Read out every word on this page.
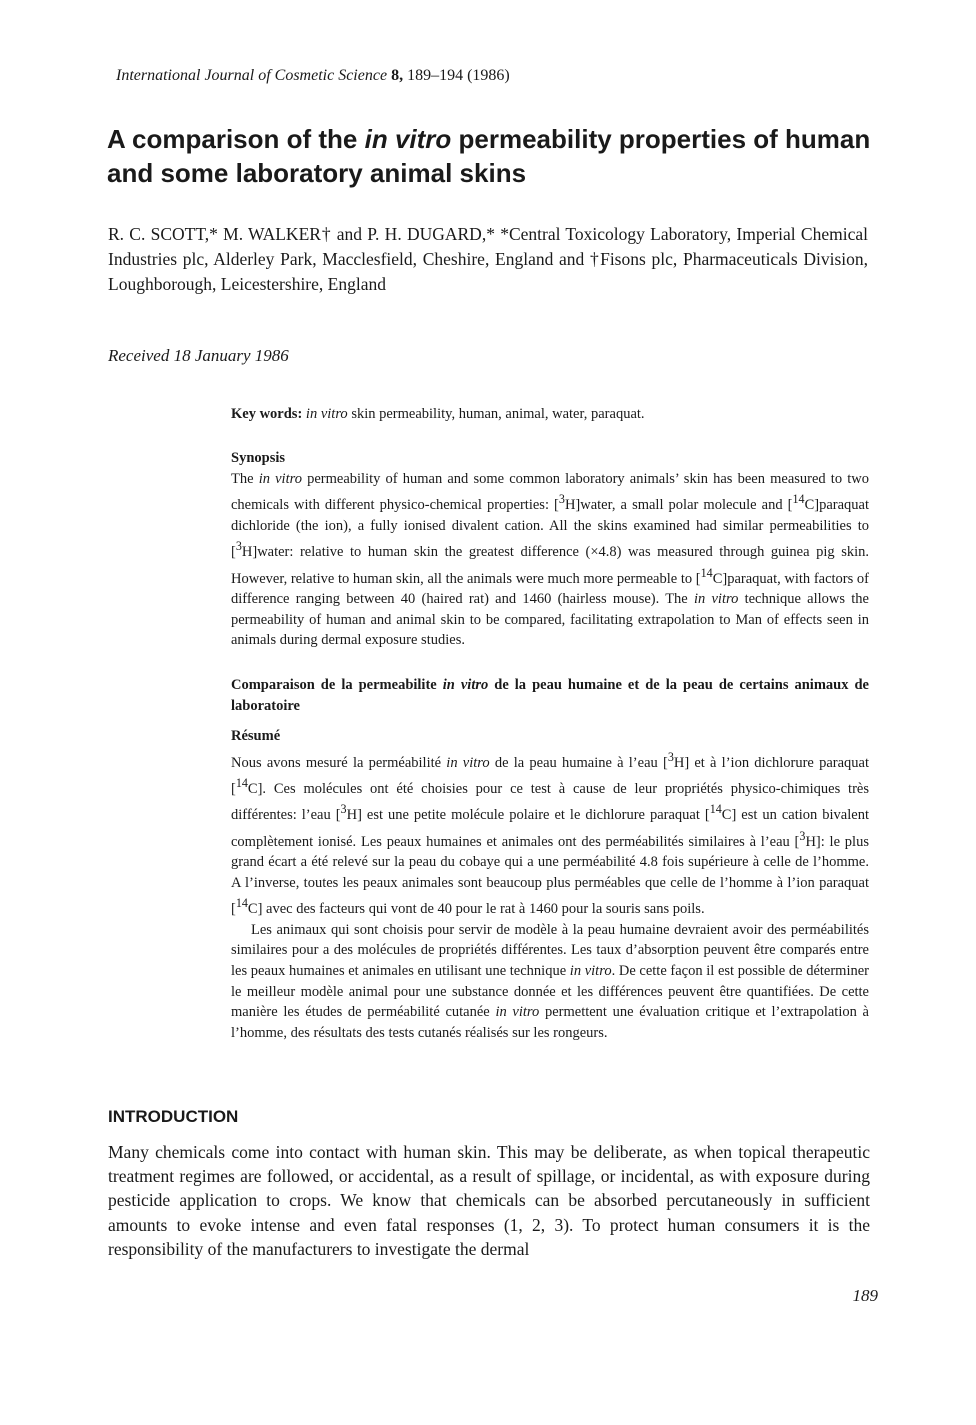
International Journal of Cosmetic Science 8, 189–194 (1986)
A comparison of the in vitro permeability properties of human and some laboratory animal skins

R. C. SCOTT,* M. WALKER† and P. H. DUGARD,* *Central Toxicology Laboratory, Imperial Chemical Industries plc, Alderley Park, Macclesfield, Cheshire, England and †Fisons plc, Pharmaceuticals Division, Loughborough, Leicestershire, England

Received 18 January 1986

Key words: in vitro skin permeability, human, animal, water, paraquat.

Synopsis

The in vitro permeability of human and some common laboratory animals’ skin has been measured to two chemicals with different physico-chemical properties: [$^3$H]water, a small polar molecule and [$^{14}$C]paraquat dichloride (the ion), a fully ionised divalent cation. All the skins examined had similar permeabilities to [$^3$H]water: relative to human skin the greatest difference (×4.8) was measured through guinea pig skin. However, relative to human skin, all the animals were much more permeable to [$^{14}$C]paraquat, with factors of difference ranging between 40 (haired rat) and 1460 (hairless mouse). The in vitro technique allows the permeability of human and animal skin to be compared, facilitating extrapolation to Man of effects seen in animals during dermal exposure studies.

Comparaison de la permeabilite in vitro de la peau humaine et de la peau de certains animaux de laboratoire

Résumé

Nous avons mesuré la perméabilité in vitro de la peau humaine à l’eau [$^3$H] et à l’ion dichlorure paraquat [$^{14}$C]. Ces molécules ont été choisies pour ce test à cause de leur propriétés physico-chimiques très différentes: l’eau [$^3$H] est une petite molécule polaire et le dichlorure paraquat [$^{14}$C] est un cation bivalent complètement ionisé. Les peaux humaines et animales ont des perméabilités similaires à l’eau [$^3$H]: le plus grand écart a été relevé sur la peau du cobaye qui a une perméabilité 4.8 fois supérieure à celle de l’homme. A l’inverse, toutes les peaux animales sont beaucoup plus perméables que celle de l’homme à l’ion paraquat [$^{14}$C] avec des facteurs qui vont de 40 pour le rat à 1460 pour la souris sans poils.

Les animaux qui sont choisis pour servir de modèle à la peau humaine devraient avoir des perméabilités similaires pour a des molécules de propriétés différentes. Les taux d’absorption peuvent être comparés entre les peaux humaines et animales en utilisant une technique in vitro. De cette façon il est possible de déterminer le meilleur modèle animal pour une substance donnée et les différences peuvent être quantifiées. De cette manière les études de perméabilité cutanée in vitro permettent une évaluation critique et l’extrapolation à l’homme, des résultats des tests cutanés réalisés sur les rongeurs.

INTRODUCTION

Many chemicals come into contact with human skin. This may be deliberate, as when topical therapeutic treatment regimes are followed, or accidental, as a result of spillage, or incidental, as with exposure during pesticide application to crops. We know that chemicals can be absorbed percutaneously in sufficient amounts to evoke intense and even fatal responses (1, 2, 3). To protect human consumers it is the responsibility of the manufacturers to investigate the dermal

189
